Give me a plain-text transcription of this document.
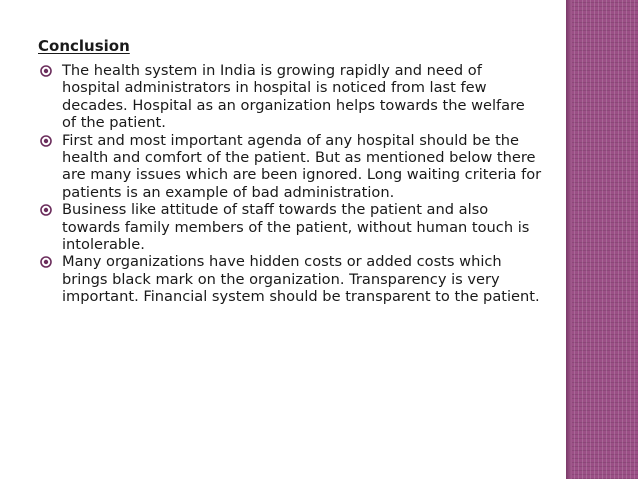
Conclusion
The health system in India is growing rapidly and need of hospital administrators in hospital is noticed from last few decades. Hospital as an organization helps towards the welfare of the patient.
First and most important agenda of any hospital should be the health and comfort of the patient. But as mentioned below there are many issues which are been ignored. Long waiting criteria for patients is an example of bad administration.
Business like attitude of staff towards the patient and also towards family members of the patient, without human touch is intolerable.
Many organizations have hidden costs or added costs which brings black mark on the organization. Transparency is very important. Financial system should be transparent to the patient.
